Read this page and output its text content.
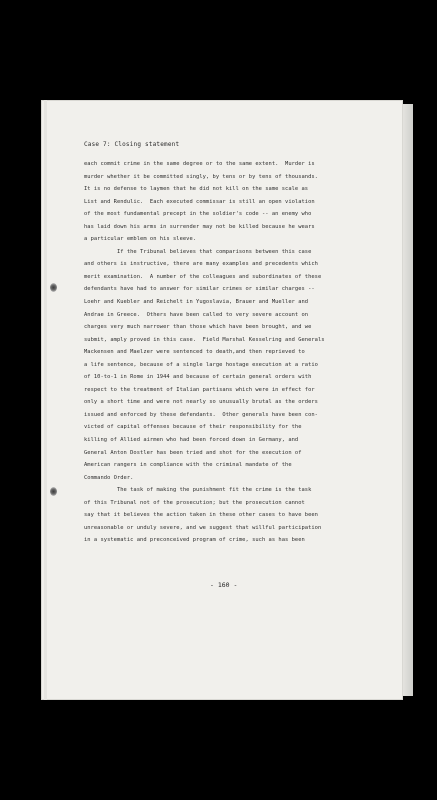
Case 7: Closing statement
each commit crime in the same degree or to the same extent.  Murder is
murder whether it be committed singly, by tens or by tens of thousands.
It is no defense to laymen that he did not kill on the same scale as
List and Rendulic.  Each executed commissar is still an open violation
of the most fundamental precept in the soldier's code -- an enemy who
has laid down his arms in surrender may not be killed because he wears
a particular emblem on his sleeve.
If the Tribunal believes that comparisons between this case
and others is instructive, there are many examples and precedents which
merit examination.  A number of the colleagues and subordinates of these
defendants have had to answer for similar crimes or similar charges --
Loehr and Kuebler and Reichelt in Yugoslavia, Brauer and Mueller and
Andrae in Greece.  Others have been called to very severe account on
charges very much narrower than those which have been brought, and we
submit, amply proved in this case.  Field Marshal Kesselring and Generals
Mackensen and Maelzer were sentenced to death,and then reprieved to
a life sentence, because of a single large hostage execution at a ratio
of 10-to-1 in Rome in 1944 and because of certain general orders with
respect to the treatment of Italian partisans which were in effect for
only a short time and were not nearly so unusually brutal as the orders
issued and enforced by these defendants.  Other generals have been con-
victed of capital offenses because of their responsibility for the
killing of Allied airmen who had been forced down in Germany, and
General Anton Dostler has been tried and shot for the execution of
American rangers in compliance with the criminal mandate of the
Commando Order.
The task of making the punishment fit the crime is the task
of this Tribunal not of the prosecution; but the prosecution cannot
say that it believes the action taken in these other cases to have been
unreasonable or unduly severe, and we suggest that willful participation
in a systematic and preconceived program of crime, such as has been
- 160 -
